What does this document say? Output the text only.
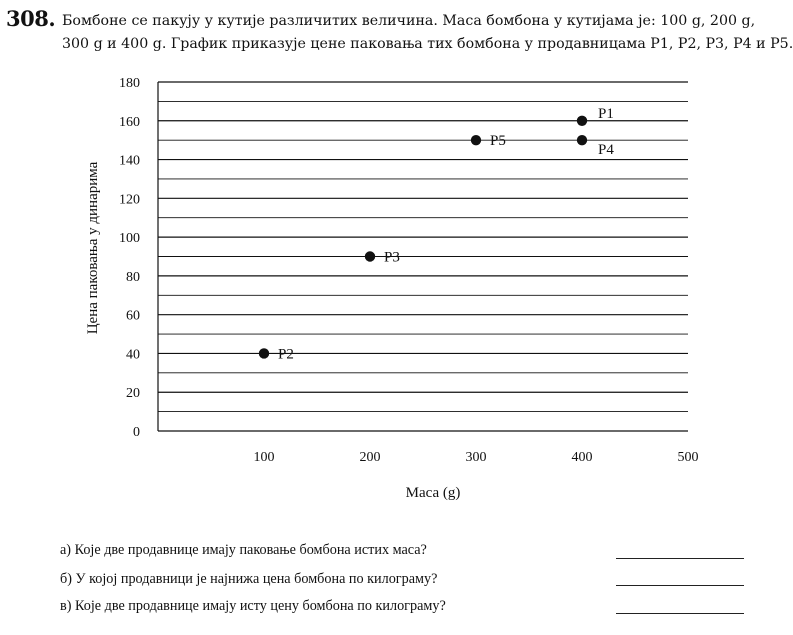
308. Бомбоне се пакују у кутије различитих величина. Маса бомбона у кутијама је: 100 g, 200 g,
300 g и 400 g. График приказује цене паковања тих бомбона у продавницама P1, P2, P3, P4 и P5.
0
20
40
60
80
100
120
140
160
180
100	200	300	400	500
P1
P2
P3
P4
P5
Маса (g)
Цена паковања у динарима
а) Које две продавнице имају паковање бомбона истих маса?
б) У којој продавници је најнижа цена бомбона по килограму?
в) Које две продавнице имају исту цену бомбона по килограму?
